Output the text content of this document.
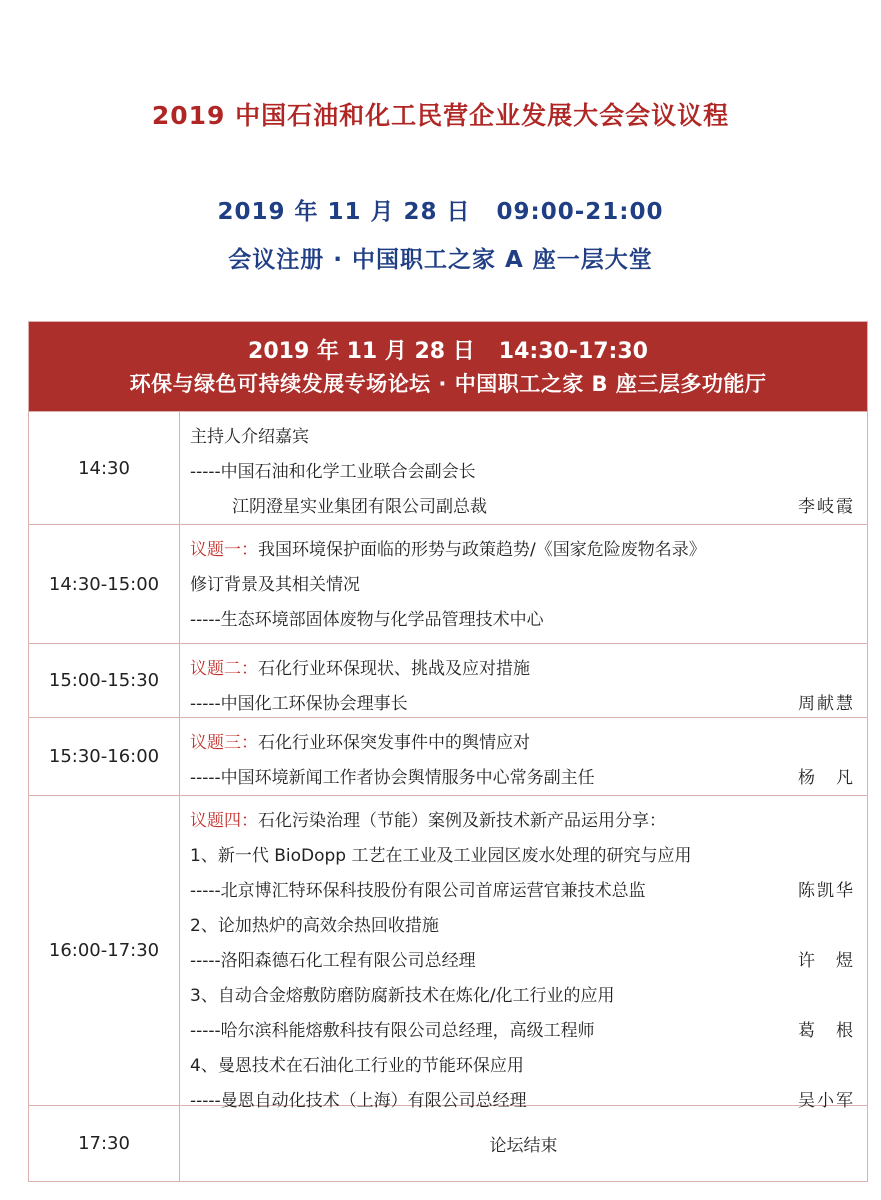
2019 中国石油和化工民营企业发展大会会议议程
2019 年 11 月 28 日 09:00-21:00
会议注册 · 中国职工之家 A 座一层大堂
2019 年 11 月 28 日 14:30-17:30
环保与绿色可持续发展专场论坛 · 中国职工之家 B 座三层多功能厅
14:30
主持人介绍嘉宾
-----中国石油和化学工业联合会副会长
江阴澄星实业集团有限公司副总裁	李岐霞
14:30-15:00
议题一：我国环境保护面临的形势与政策趋势/《国家危险废物名录》
修订背景及其相关情况
-----生态环境部固体废物与化学品管理技术中心
15:00-15:30
议题二：石化行业环保现状、挑战及应对措施
-----中国化工环保协会理事长	周献慧
15:30-16:00
议题三：石化行业环保突发事件中的舆情应对
-----中国环境新闻工作者协会舆情服务中心常务副主任	杨　凡
16:00-17:30
议题四：石化污染治理（节能）案例及新技术新产品运用分享：
1、新一代 BioDopp 工艺在工业及工业园区废水处理的研究与应用
-----北京博汇特环保科技股份有限公司首席运营官兼技术总监	陈凯华
2、论加热炉的高效余热回收措施
-----洛阳森德石化工程有限公司总经理	许　煜
3、自动合金熔敷防磨防腐新技术在炼化/化工行业的应用
-----哈尔滨科能熔敷科技有限公司总经理，高级工程师	葛　根
4、曼恩技术在石油化工行业的节能环保应用
-----曼恩自动化技术（上海）有限公司总经理	吴小军
17:30	论坛结束
